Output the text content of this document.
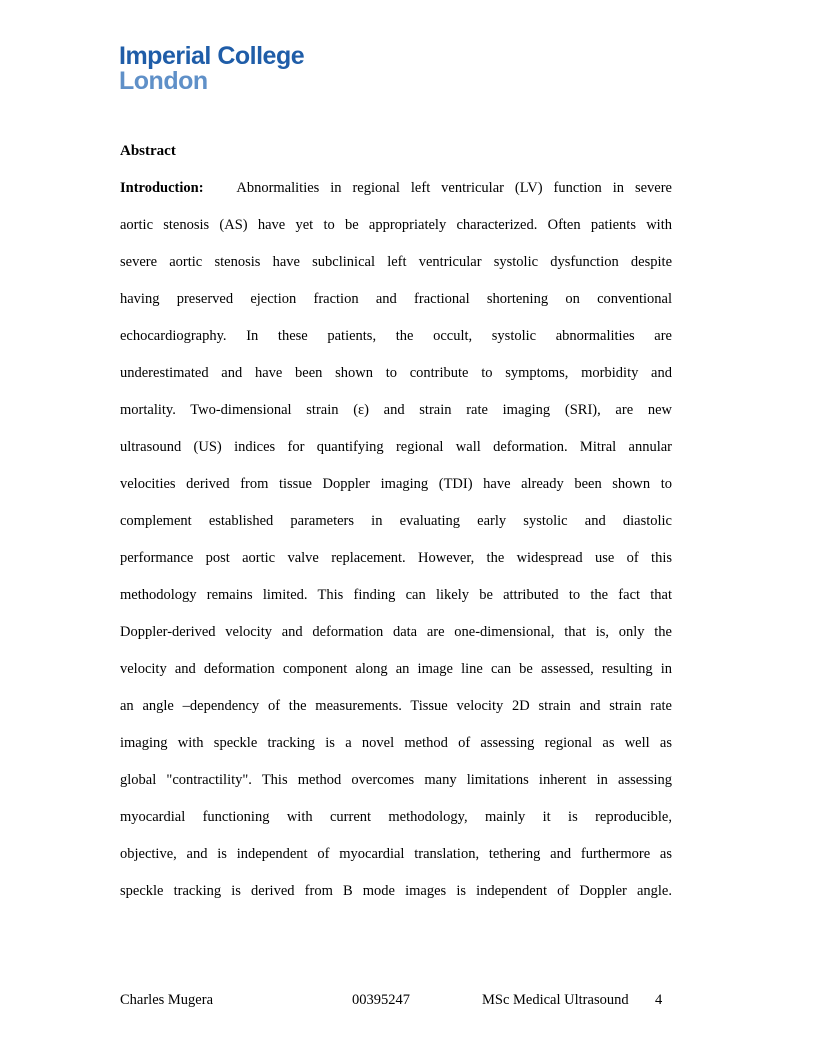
Imperial College
London
Abstract
Introduction: Abnormalities in regional left ventricular (LV) function in severe
aortic stenosis (AS) have yet to be appropriately characterized. Often patients with
severe aortic stenosis have subclinical left ventricular systolic dysfunction despite
having preserved ejection fraction and fractional shortening on conventional
echocardiography. In these patients, the occult, systolic abnormalities are
underestimated and have been shown to contribute to symptoms, morbidity and
mortality. Two-dimensional strain (ε) and strain rate imaging (SRI), are new
ultrasound (US) indices for quantifying regional wall deformation. Mitral annular
velocities derived from tissue Doppler imaging (TDI) have already been shown to
complement established parameters in evaluating early systolic and diastolic
performance post aortic valve replacement. However, the widespread use of this
methodology remains limited. This finding can likely be attributed to the fact that
Doppler-derived velocity and deformation data are one-dimensional, that is, only the
velocity and deformation component along an image line can be assessed, resulting in
an angle –dependency of the measurements. Tissue velocity 2D strain and strain rate
imaging with speckle tracking is a novel method of assessing regional as well as
global "contractility". This method overcomes many limitations inherent in assessing
myocardial functioning with current methodology, mainly it is reproducible,
objective, and is independent of myocardial translation, tethering and furthermore as
speckle tracking is derived from B mode images is independent of Doppler angle.
Charles Mugera	00395247	MSc Medical Ultrasound 4
